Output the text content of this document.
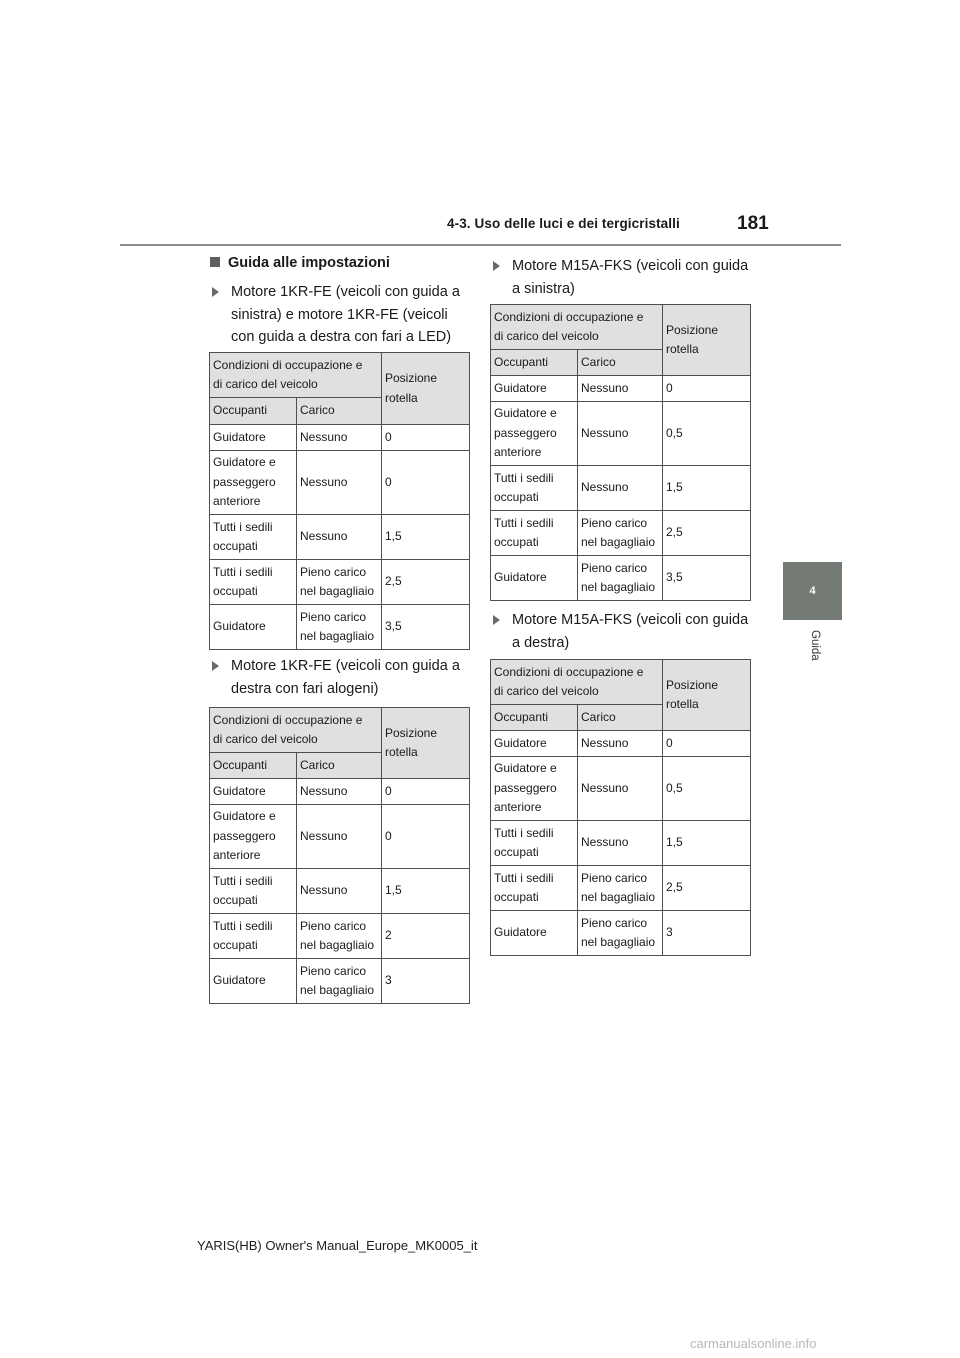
4-3. Uso delle luci e dei tergicristalli	181
4
Guida
Guida alle impostazioni
Motore 1KR-FE (veicoli con guida a
sinistra) e motore 1KR-FE (veicoli
con guida a destra con fari a LED)
Condizioni di occupazione e
di carico del veicolo		Posizione
rotella
Occupanti	Carico	
Guidatore	Nessuno	0
Guidatore e
passeggero
anteriore	Nessuno	0
Tutti i sedili
occupati	Nessuno	1,5
Tutti i sedili
occupati	Pieno carico
nel bagagliaio	2,5
Guidatore	Pieno carico
nel bagagliaio	3,5
Motore 1KR-FE (veicoli con guida a
destra con fari alogeni)
Condizioni di occupazione e
di carico del veicolo		Posizione
rotella
Occupanti	Carico	
Guidatore	Nessuno	0
Guidatore e
passeggero
anteriore	Nessuno	0
Tutti i sedili
occupati	Nessuno	1,5
Tutti i sedili
occupati	Pieno carico
nel bagagliaio	2
Guidatore	Pieno carico
nel bagagliaio	3
Motore M15A-FKS (veicoli con guida
a sinistra)
Condizioni di occupazione e
di carico del veicolo		Posizione
rotella
Occupanti	Carico	
Guidatore	Nessuno	0
Guidatore e
passeggero
anteriore	Nessuno	0,5
Tutti i sedili
occupati	Nessuno	1,5
Tutti i sedili
occupati	Pieno carico
nel bagagliaio	2,5
Guidatore	Pieno carico
nel bagagliaio	3,5
Motore M15A-FKS (veicoli con guida
a destra)
Condizioni di occupazione e
di carico del veicolo		Posizione
rotella
Occupanti	Carico	
Guidatore	Nessuno	0
Guidatore e
passeggero
anteriore	Nessuno	0,5
Tutti i sedili
occupati	Nessuno	1,5
Tutti i sedili
occupati	Pieno carico
nel bagagliaio	2,5
Guidatore	Pieno carico
nel bagagliaio	3
YARIS(HB) Owner's Manual_Europe_MK0005_it
carmanualsonline.info
